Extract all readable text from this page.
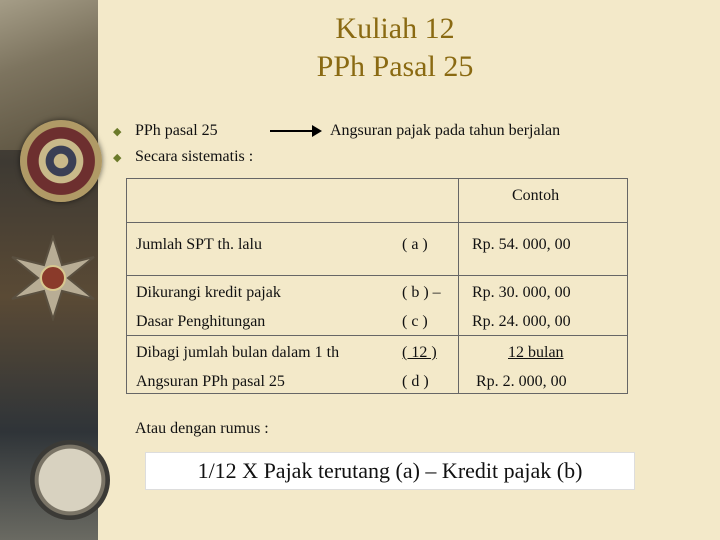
Kuliah 12
PPh Pasal 25
◆ PPh pasal 25	Angsuran pajak pada tahun berjalan
◆ Secara sistematis :
Contoh
Jumlah SPT th. lalu	( a )	Rp. 54. 000, 00
Dikurangi kredit pajak	( b ) – Rp. 30. 000, 00
Dasar Penghitungan	( c )	Rp. 24. 000, 00
Dibagi jumlah bulan dalam 1 th	( 12 )	12 bulan
Angsuran PPh pasal 25	( d )	Rp. 2. 000, 00
Atau dengan rumus :
1/12 X Pajak terutang (a) – Kredit pajak (b)
